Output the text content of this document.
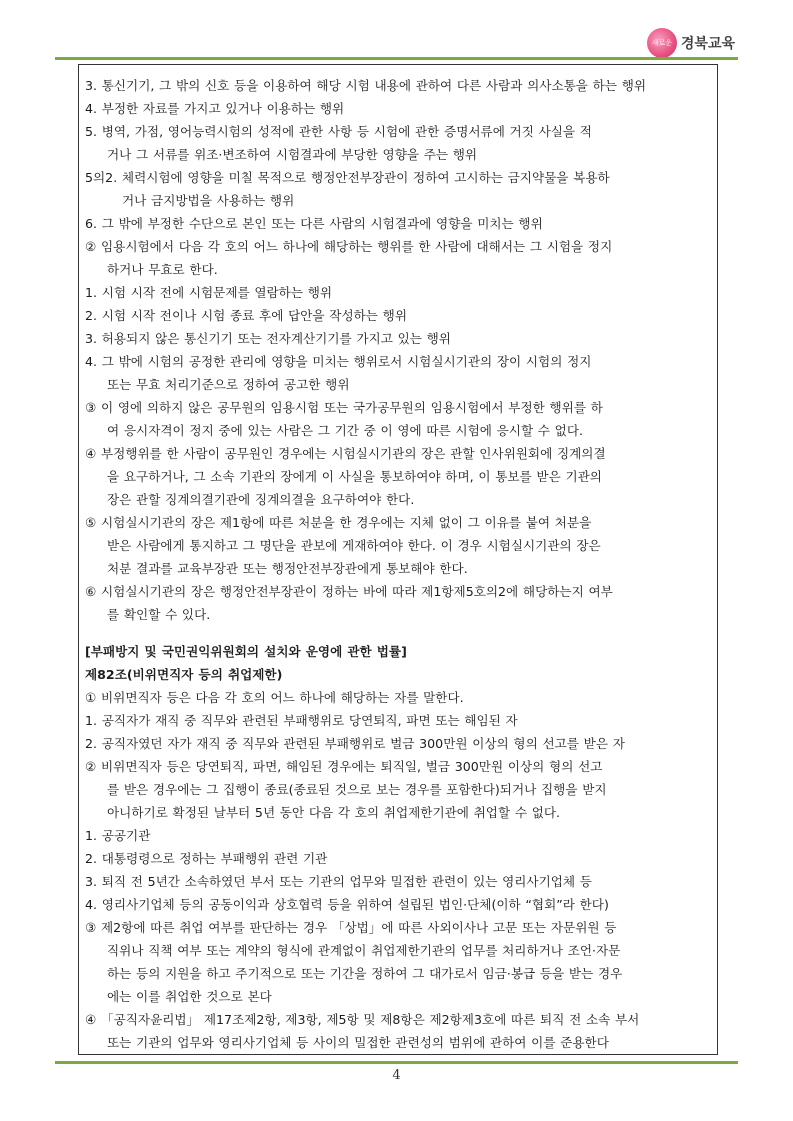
새로운 경북교육
3. 통신기기, 그 밖의 신호 등을 이용하여 해당 시험 내용에 관하여 다른 사람과 의사소통을 하는 행위
4. 부정한 자료를 가지고 있거나 이용하는 행위
5. 병역, 가점, 영어능력시험의 성적에 관한 사항 등 시험에 관한 증명서류에 거짓 사실을 적
거나 그 서류를 위조·변조하여 시험결과에 부당한 영향을 주는 행위
5의2. 체력시험에 영향을 미칠 목적으로 행정안전부장관이 정하여 고시하는 금지약물을 복용하
거나 금지방법을 사용하는 행위
6. 그 밖에 부정한 수단으로 본인 또는 다른 사람의 시험결과에 영향을 미치는 행위
② 임용시험에서 다음 각 호의 어느 하나에 해당하는 행위를 한 사람에 대해서는 그 시험을 정지
하거나 무효로 한다.
1. 시험 시작 전에 시험문제를 열람하는 행위
2. 시험 시작 전이나 시험 종료 후에 답안을 작성하는 행위
3. 허용되지 않은 통신기기 또는 전자계산기기를 가지고 있는 행위
4. 그 밖에 시험의 공정한 관리에 영향을 미치는 행위로서 시험실시기관의 장이 시험의 정지
또는 무효 처리기준으로 정하여 공고한 행위
③ 이 영에 의하지 않은 공무원의 임용시험 또는 국가공무원의 임용시험에서 부정한 행위를 하
여 응시자격이 정지 중에 있는 사람은 그 기간 중 이 영에 따른 시험에 응시할 수 없다.
④ 부정행위를 한 사람이 공무원인 경우에는 시험실시기관의 장은 관할 인사위원회에 징계의결
을 요구하거나, 그 소속 기관의 장에게 이 사실을 통보하여야 하며, 이 통보를 받은 기관의
장은 관할 징계의결기관에 징계의결을 요구하여야 한다.
⑤ 시험실시기관의 장은 제1항에 따른 처분을 한 경우에는 지체 없이 그 이유를 붙여 처분을
받은 사람에게 통지하고 그 명단을 관보에 게재하여야 한다. 이 경우 시험실시기관의 장은
처분 결과를 교육부장관 또는 행정안전부장관에게 통보해야 한다.
⑥ 시험실시기관의 장은 행정안전부장관이 정하는 바에 따라 제1항제5호의2에 해당하는지 여부
를 확인할 수 있다.
[부패방지 및 국민권익위원회의 설치와 운영에 관한 법률]
제82조(비위면직자 등의 취업제한)
① 비위면직자 등은 다음 각 호의 어느 하나에 해당하는 자를 말한다.
1. 공직자가 재직 중 직무와 관련된 부패행위로 당연퇴직, 파면 또는 해임된 자
2. 공직자였던 자가 재직 중 직무와 관련된 부패행위로 벌금 300만원 이상의 형의 선고를 받은 자
② 비위면직자 등은 당연퇴직, 파면, 해임된 경우에는 퇴직일, 벌금 300만원 이상의 형의 선고
를 받은 경우에는 그 집행이 종료(종료된 것으로 보는 경우를 포함한다)되거나 집행을 받지
아니하기로 확정된 날부터 5년 동안 다음 각 호의 취업제한기관에 취업할 수 없다.
1. 공공기관
2. 대통령령으로 정하는 부패행위 관련 기관
3. 퇴직 전 5년간 소속하였던 부서 또는 기관의 업무와 밀접한 관련이 있는 영리사기업체 등
4. 영리사기업체 등의 공동이익과 상호협력 등을 위하여 설립된 법인·단체(이하 “협회”라 한다)
③ 제2항에 따른 취업 여부를 판단하는 경우 「상법」에 따른 사외이사나 고문 또는 자문위원 등
직위나 직책 여부 또는 계약의 형식에 관계없이 취업제한기관의 업무를 처리하거나 조언·자문
하는 등의 지원을 하고 주기적으로 또는 기간을 정하여 그 대가로서 임금·봉급 등을 받는 경우
에는 이를 취업한 것으로 본다
④ 「공직자윤리법」 제17조제2항, 제3항, 제5항 및 제8항은 제2항제3호에 따른 퇴직 전 소속 부서
또는 기관의 업무와 영리사기업체 등 사이의 밀접한 관련성의 범위에 관하여 이를 준용한다
4
